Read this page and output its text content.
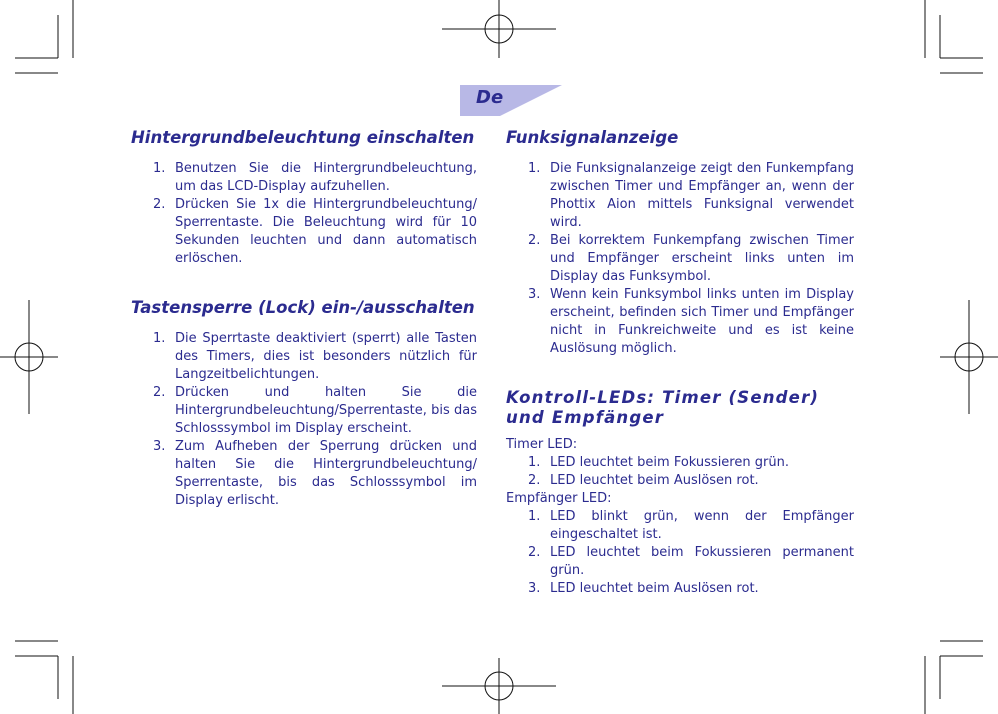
De
Hintergrundbeleuchtung einschalten
1. Benutzen Sie die Hintergrundbeleuchtung, um das LCD-Display aufzuhellen.
2. Drücken Sie 1x die Hintergrundbeleuchtung/ Sperrentaste. Die Beleuchtung wird für 10 Sekunden leuchten und dann automatisch erlöschen.
Tastensperre (Lock) ein-/ausschalten
1. Die Sperrtaste deaktiviert (sperrt) alle Tasten des Timers, dies ist besonders nützlich für Langzeitbelichtungen.
2. Drücken und halten Sie die Hintergrundbeleuchtung/Sperrentaste, bis das Schlosssymbol im Display erscheint.
3. Zum Aufheben der Sperrung drücken und halten Sie die Hintergrundbeleuchtung/ Sperrentaste, bis das Schlosssymbol im Display erlischt.
Funksignalanzeige
1. Die Funksignalanzeige zeigt den Funkempfang zwischen Timer und Empfänger an, wenn der Phottix Aion mittels Funksignal verwendet wird.
2. Bei korrektem Funkempfang zwischen Timer und Empfänger erscheint links unten im Display das Funksymbol.
3. Wenn kein Funksymbol links unten im Display erscheint, befinden sich Timer und Empfänger nicht in Funkreichweite und es ist keine Auslösung möglich.
Kontroll-LEDs: Timer (Sender) und Empfänger

Timer LED:

1. LED leuchtet beim Fokussieren grün.
2. LED leuchtet beim Auslösen rot.

Empfänger LED:

1. LED blinkt grün, wenn der Empfänger eingeschaltet ist.
2. LED leuchtet beim Fokussieren permanent grün.
3. LED leuchtet beim Auslösen rot.
